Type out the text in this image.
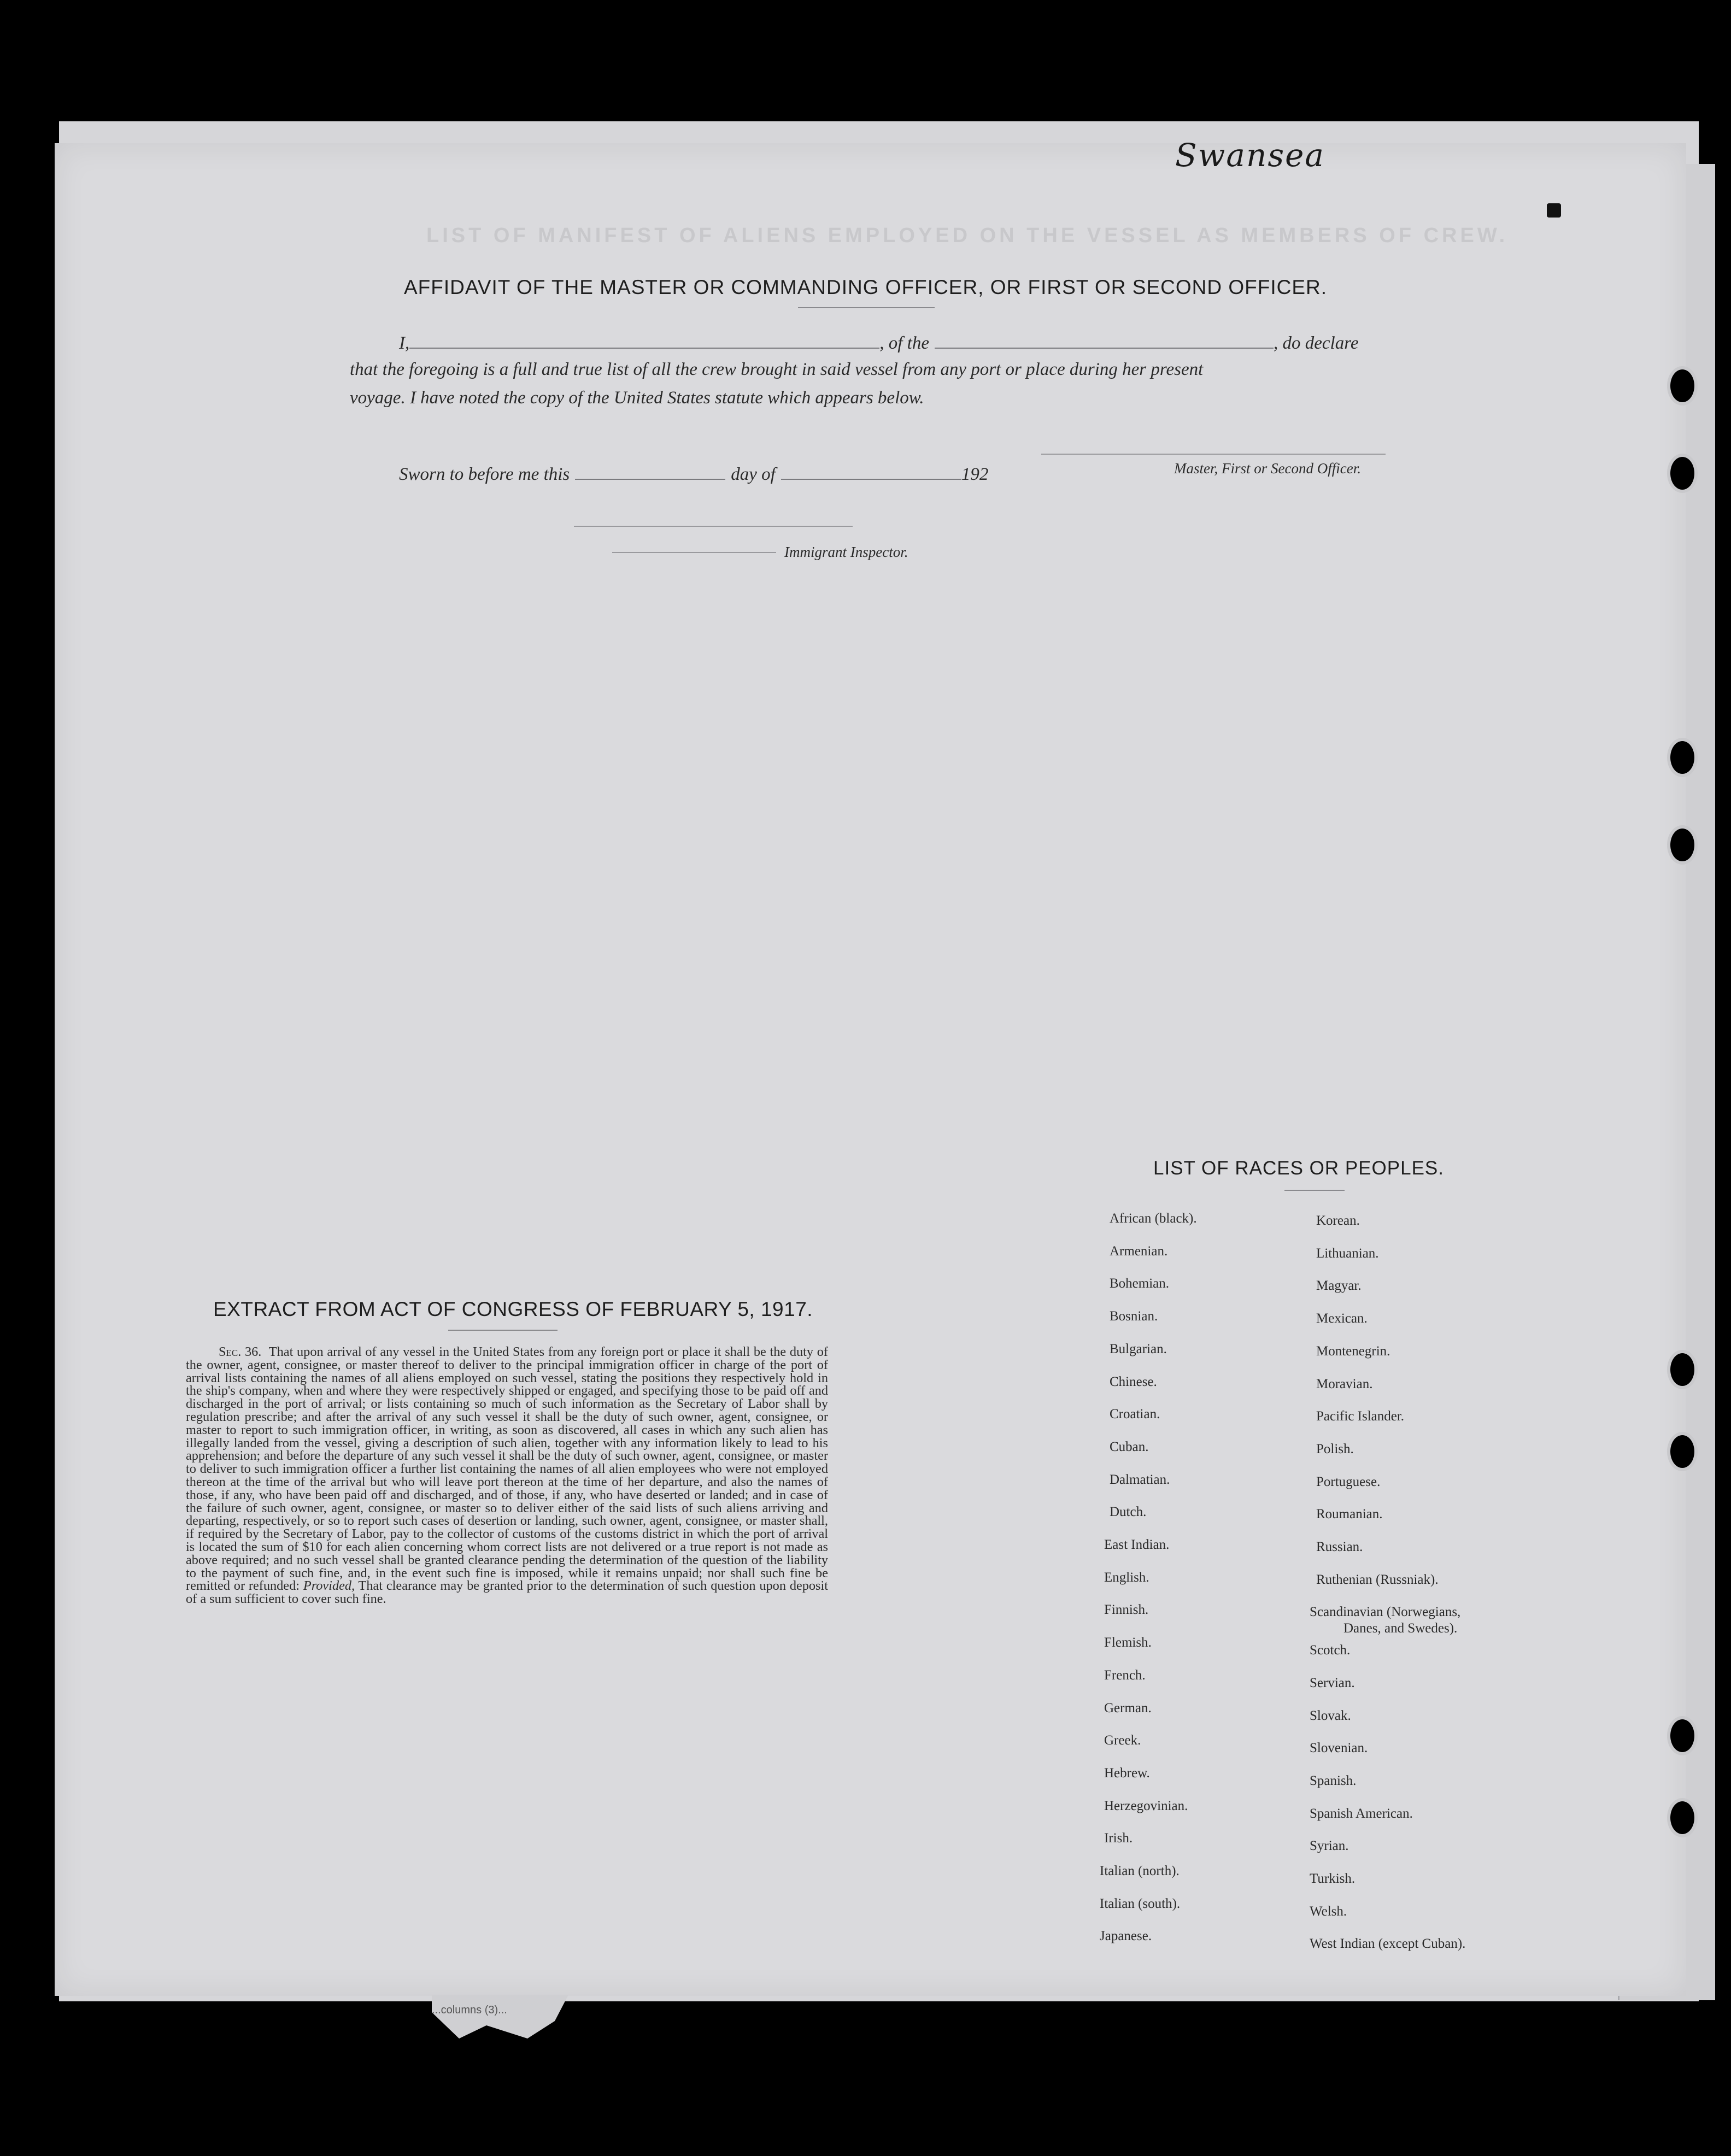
Swansea
LIST OF MANIFEST OF ALIENS EMPLOYED ON THE VESSEL AS MEMBERS OF CREW.
AFFIDAVIT OF THE MASTER OR COMMANDING OFFICER, OR FIRST OR SECOND OFFICER.
I,	, of the	, do declare
that the foregoing is a full and true list of all the crew brought in said vessel from any port or place during her present
voyage. I have noted the copy of the United States statute which appears below.
Master, First or Second Officer.
Sworn to before me this	day of	192
Immigrant Inspector.
EXTRACT FROM ACT OF CONGRESS OF FEBRUARY 5, 1917.
Sec. 36. That upon arrival of any vessel in the United States from any foreign port or place it shall be the duty of the owner, agent, consignee, or master thereof to deliver to the principal immigration officer in charge of the port of arrival lists containing the names of all aliens employed on such vessel, stating the positions they respectively hold in the ship's company, when and where they were respectively shipped or engaged, and specifying those to be paid off and discharged in the port of arrival; or lists containing so much of such information as the Secretary of Labor shall by regulation prescribe; and after the arrival of any such vessel it shall be the duty of such owner, agent, consignee, or master to report to such immigration officer, in writing, as soon as discovered, all cases in which any such alien has illegally landed from the vessel, giving a description of such alien, together with any information likely to lead to his apprehension; and before the departure of any such vessel it shall be the duty of such owner, agent, consignee, or master to deliver to such immigration officer a further list containing the names of all alien employees who were not employed thereon at the time of the arrival but who will leave port thereon at the time of her departure, and also the names of those, if any, who have been paid off and discharged, and of those, if any, who have deserted or landed; and in case of the failure of such owner, agent, consignee, or master so to deliver either of the said lists of such aliens arriving and departing, respectively, or so to report such cases of desertion or landing, such owner, agent, consignee, or master shall, if required by the Secretary of Labor, pay to the collector of customs of the customs district in which the port of arrival is located the sum of $10 for each alien concerning whom correct lists are not delivered or a true report is not made as above required; and no such vessel shall be granted clearance pending the determination of the question of the liability to the payment of such fine, and, in the event such fine is imposed, while it remains unpaid; nor shall such fine be remitted or refunded: Provided, That clearance may be granted prior to the determination of such question upon deposit of a sum sufficient to cover such fine.
LIST OF RACES OR PEOPLES.
African (black).
Armenian.
Bohemian.
Bosnian.
Bulgarian.
Chinese.
Croatian.
Cuban.
Dalmatian.
Dutch.
East Indian.
English.
Finnish.
Flemish.
French.
German.
Greek.
Hebrew.
Herzegovinian.
Irish.
Italian (north).
Italian (south).
Japanese.
Korean.
Lithuanian.
Magyar.
Mexican.
Montenegrin.
Moravian.
Pacific Islander.
Polish.
Portuguese.
Roumanian.
Russian.
Ruthenian (Russniak).
Scandinavian (Norwegians,
Danes, and Swedes).
Scotch.
Servian.
Slovak.
Slovenian.
Spanish.
Spanish American.
Syrian.
Turkish.
Welsh.
West Indian (except Cuban).
...columns (3)...
